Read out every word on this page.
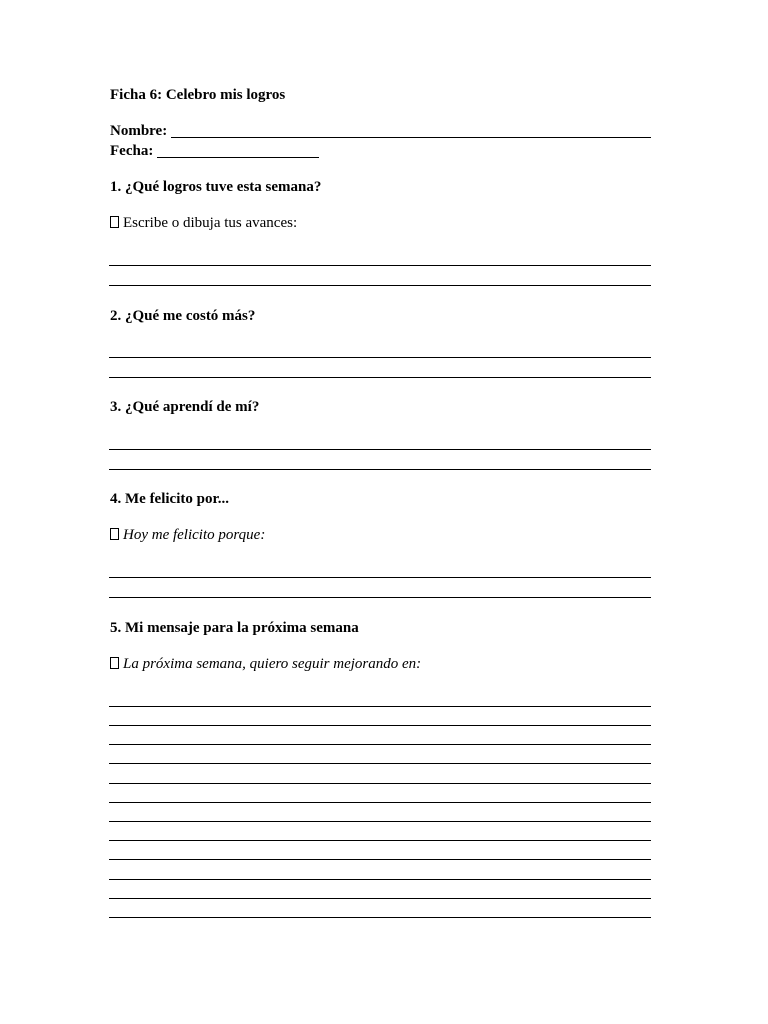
Ficha 6: Celebro mis logros
Nombre:
Fecha:
1. ¿Qué logros tuve esta semana?
Escribe o dibuja tus avances:
2. ¿Qué me costó más?
3. ¿Qué aprendí de mí?
4. Me felicito por...
Hoy me felicito porque:
5. Mi mensaje para la próxima semana
La próxima semana, quiero seguir mejorando en:
